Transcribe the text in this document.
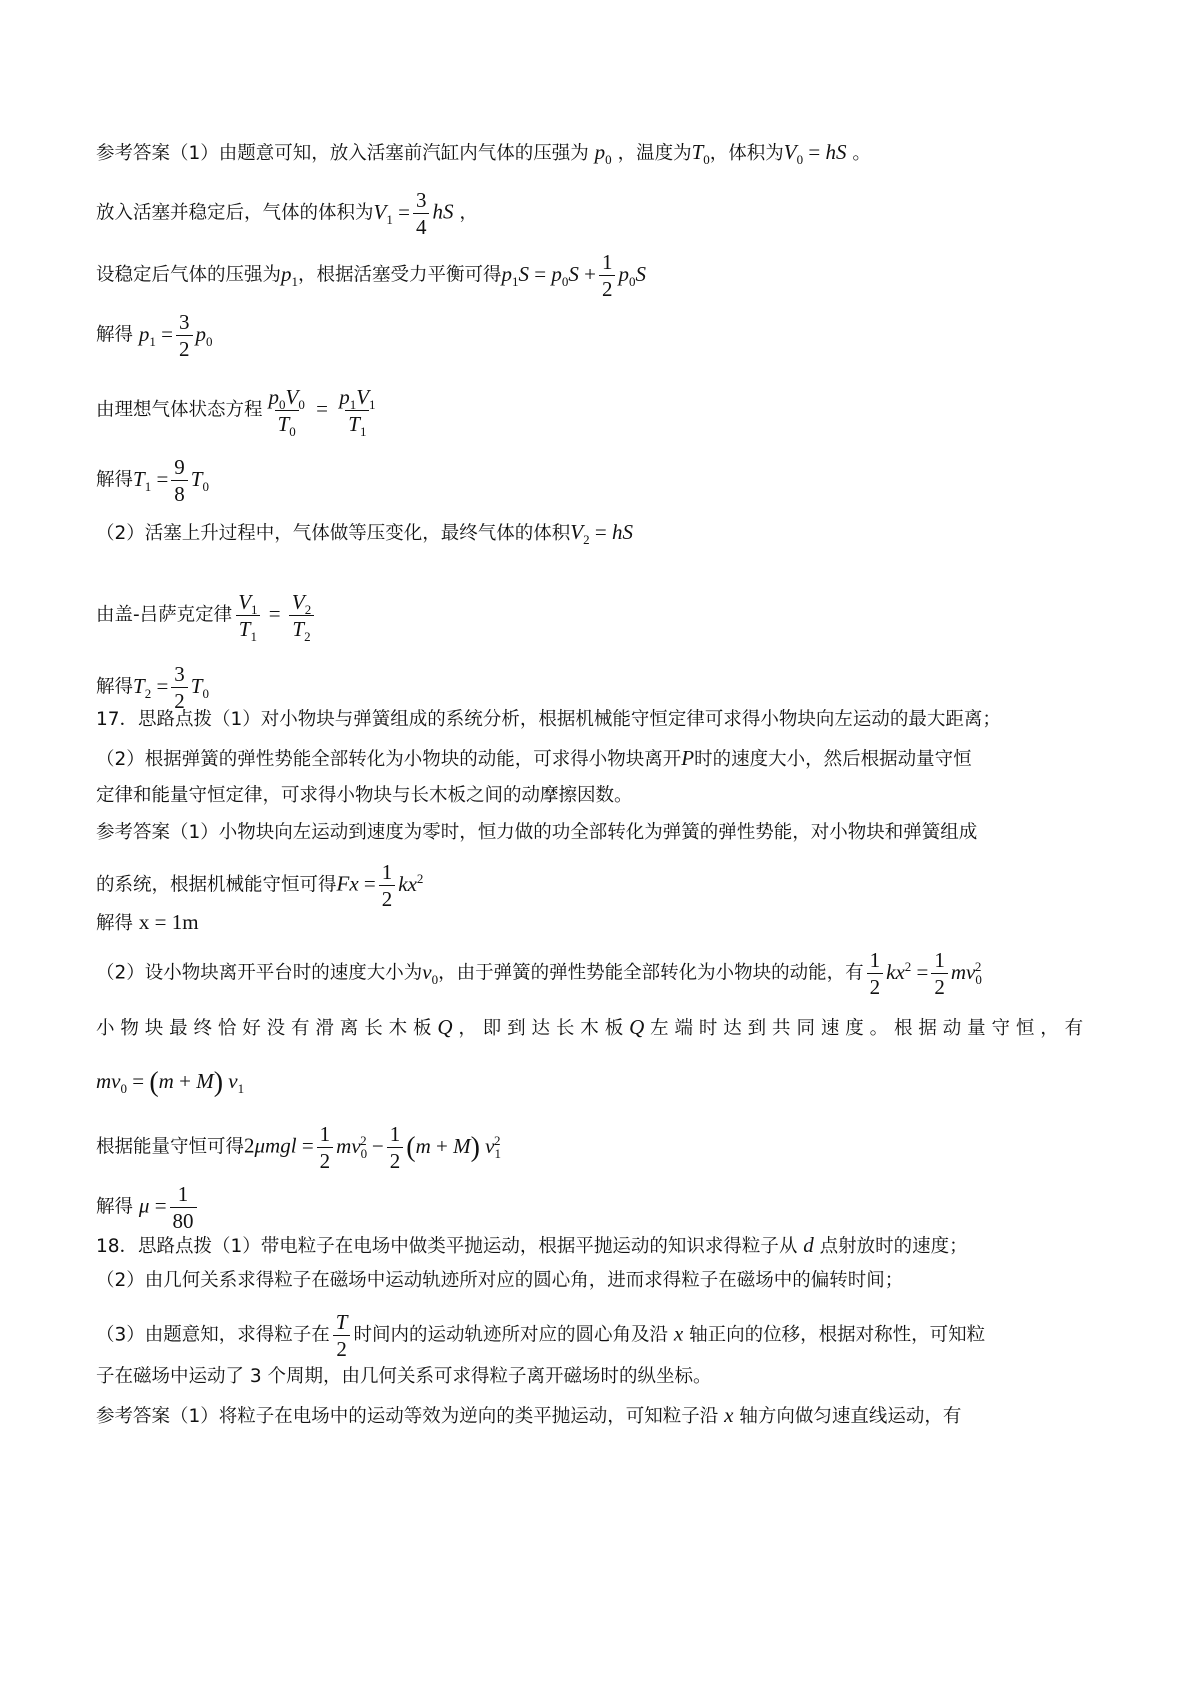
参考答案（1）由题意可知，放入活塞前汽缸内气体的压强为 $p_0$ ，温度为$T_0$，体积为$V_0$ = hS 。
放入活塞并稳定后，气体的体积为$V_1 = \frac{3}{4}$ hS ，
设稳定后气体的压强为$p_1$，根据活塞受力平衡可得$p_1S = p_0S + \frac{1}{2} p_0S$
解得 $p_1 = \frac{3}{2} p_0$
由理想气体状态方程 $\frac{p_0V_0}{T_0} = \frac{p_1V_1}{T_1}$
解得$T_1 = \frac{9}{8} T_0$
（2）活塞上升过程中，气体做等压变化，最终气体的体积$V_2$ = hS
由盖-吕萨克定律 $\frac{V_1}{T_1} = \frac{V_2}{T_2}$
解得$T_2 = \frac{3}{2} T_0$
17．思路点拨（1）对小物块与弹簧组成的系统分析，根据机械能守恒定律可求得小物块向左运动的最大距离；
（2）根据弹簧的弹性势能全部转化为小物块的动能，可求得小物块离开P时的速度大小，然后根据动量守恒
定律和能量守恒定律，可求得小物块与长木板之间的动摩擦因数。
参考答案（1）小物块向左运动到速度为零时，恒力做的功全部转化为弹簧的弹性势能，对小物块和弹簧组成
的系统，根据机械能守恒可得$Fx = \frac{1}{2} kx^2$
解得 x = 1m
（2）设小物块离开平台时的速度大小为$v_0$，由于弹簧的弹性势能全部转化为小物块的动能，有 $\frac{1}{2} kx^2 = \frac{1}{2} mv_0^2$
小 物 块 最 终 恰 好 没 有 滑 离 长 木 板 Q ， 即 到 达 长 木 板 Q 左 端 时 达 到 共 同 速 度 。 根 据 动 量 守 恒 ， 有
$mv_0 = (m + M)$ $v_1$
根据能量守恒可得$2\mu mgl = \frac{1}{2} mv_0^2 - \frac{1}{2} (m + M)$ $v_1^2$
解得 $\mu = \frac{1}{80}$
18．思路点拨（1）带电粒子在电场中做类平抛运动，根据平抛运动的知识求得粒子从 d 点射放时的速度；
（2）由几何关系求得粒子在磁场中运动轨迹所对应的圆心角，进而求得粒子在磁场中的偏转时间；
（3）由题意知，求得粒子在 $\frac{T}{2}$ 时间内的运动轨迹所对应的圆心角及沿 x 轴正向的位移，根据对称性，可知粒
子在磁场中运动了 3 个周期，由几何关系可求得粒子离开磁场时的纵坐标。
参考答案（1）将粒子在电场中的运动等效为逆向的类平抛运动，可知粒子沿 x 轴方向做匀速直线运动，有
